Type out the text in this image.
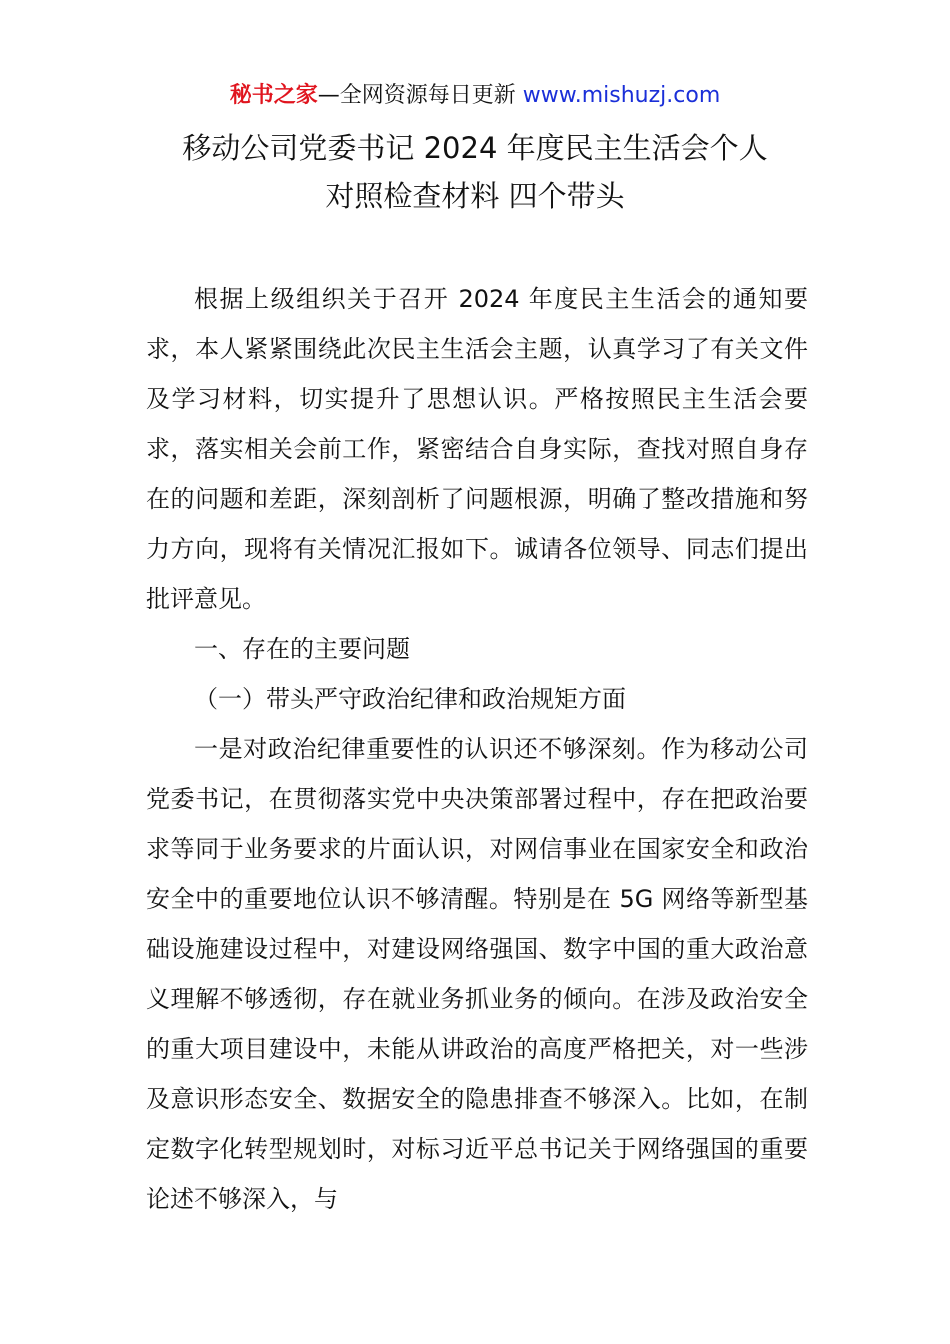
秘书之家—全网资源每日更新 www.mishuzj.com
移动公司党委书记 2024 年度民主生活会个人
对照检查材料 四个带头

根据上级组织关于召开 2024 年度民主生活会的通知要求，本人紧紧围绕此次民主生活会主题，认真学习了有关文件及学习材料，切实提升了思想认识。严格按照民主生活会要求，落实相关会前工作，紧密结合自身实际，查找对照自身存在的问题和差距，深刻剖析了问题根源，明确了整改措施和努力方向，现将有关情况汇报如下。诚请各位领导、同志们提出批评意见。

一、存在的主要问题

（一）带头严守政治纪律和政治规矩方面

一是对政治纪律重要性的认识还不够深刻。作为移动公司党委书记，在贯彻落实党中央决策部署过程中，存在把政治要求等同于业务要求的片面认识，对网信事业在国家安全和政治安全中的重要地位认识不够清醒。特别是在 5G 网络等新型基础设施建设过程中，对建设网络强国、数字中国的重大政治意义理解不够透彻，存在就业务抓业务的倾向。在涉及政治安全的重大项目建设中，未能从讲政治的高度严格把关，对一些涉及意识形态安全、数据安全的隐患排查不够深入。比如，在制定数字化转型规划时，对标习近平总书记关于网络强国的重要论述不够深入，与
